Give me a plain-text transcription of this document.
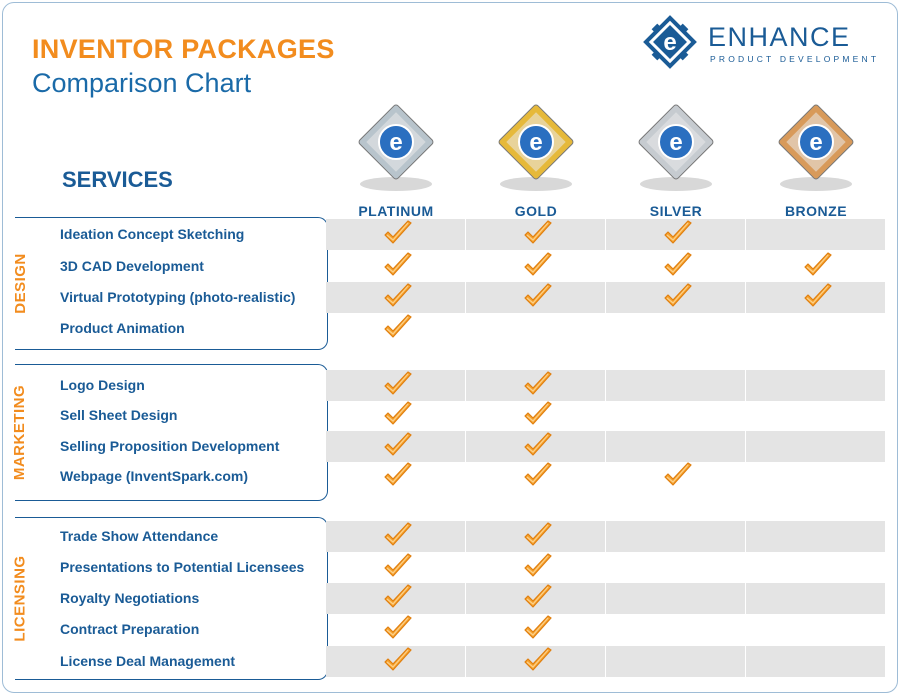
INVENTOR PACKAGES
Comparison Chart
e ENHANCE
PRODUCT DEVELOPMENT
SERVICES
e
PLATINUM
e
GOLD
e
SILVER
e
BRONZE
DESIGN
Ideation Concept Sketching
3D CAD Development
Virtual Prototyping (photo-realistic)
Product Animation
MARKETING Logo Design
Sell Sheet Design
Selling Proposition Development
Webpage (InventSpark.com)
LICENSING
Trade Show Attendance
Presentations to Potential Licensees
Royalty Negotiations
Contract Preparation
License Deal Management
